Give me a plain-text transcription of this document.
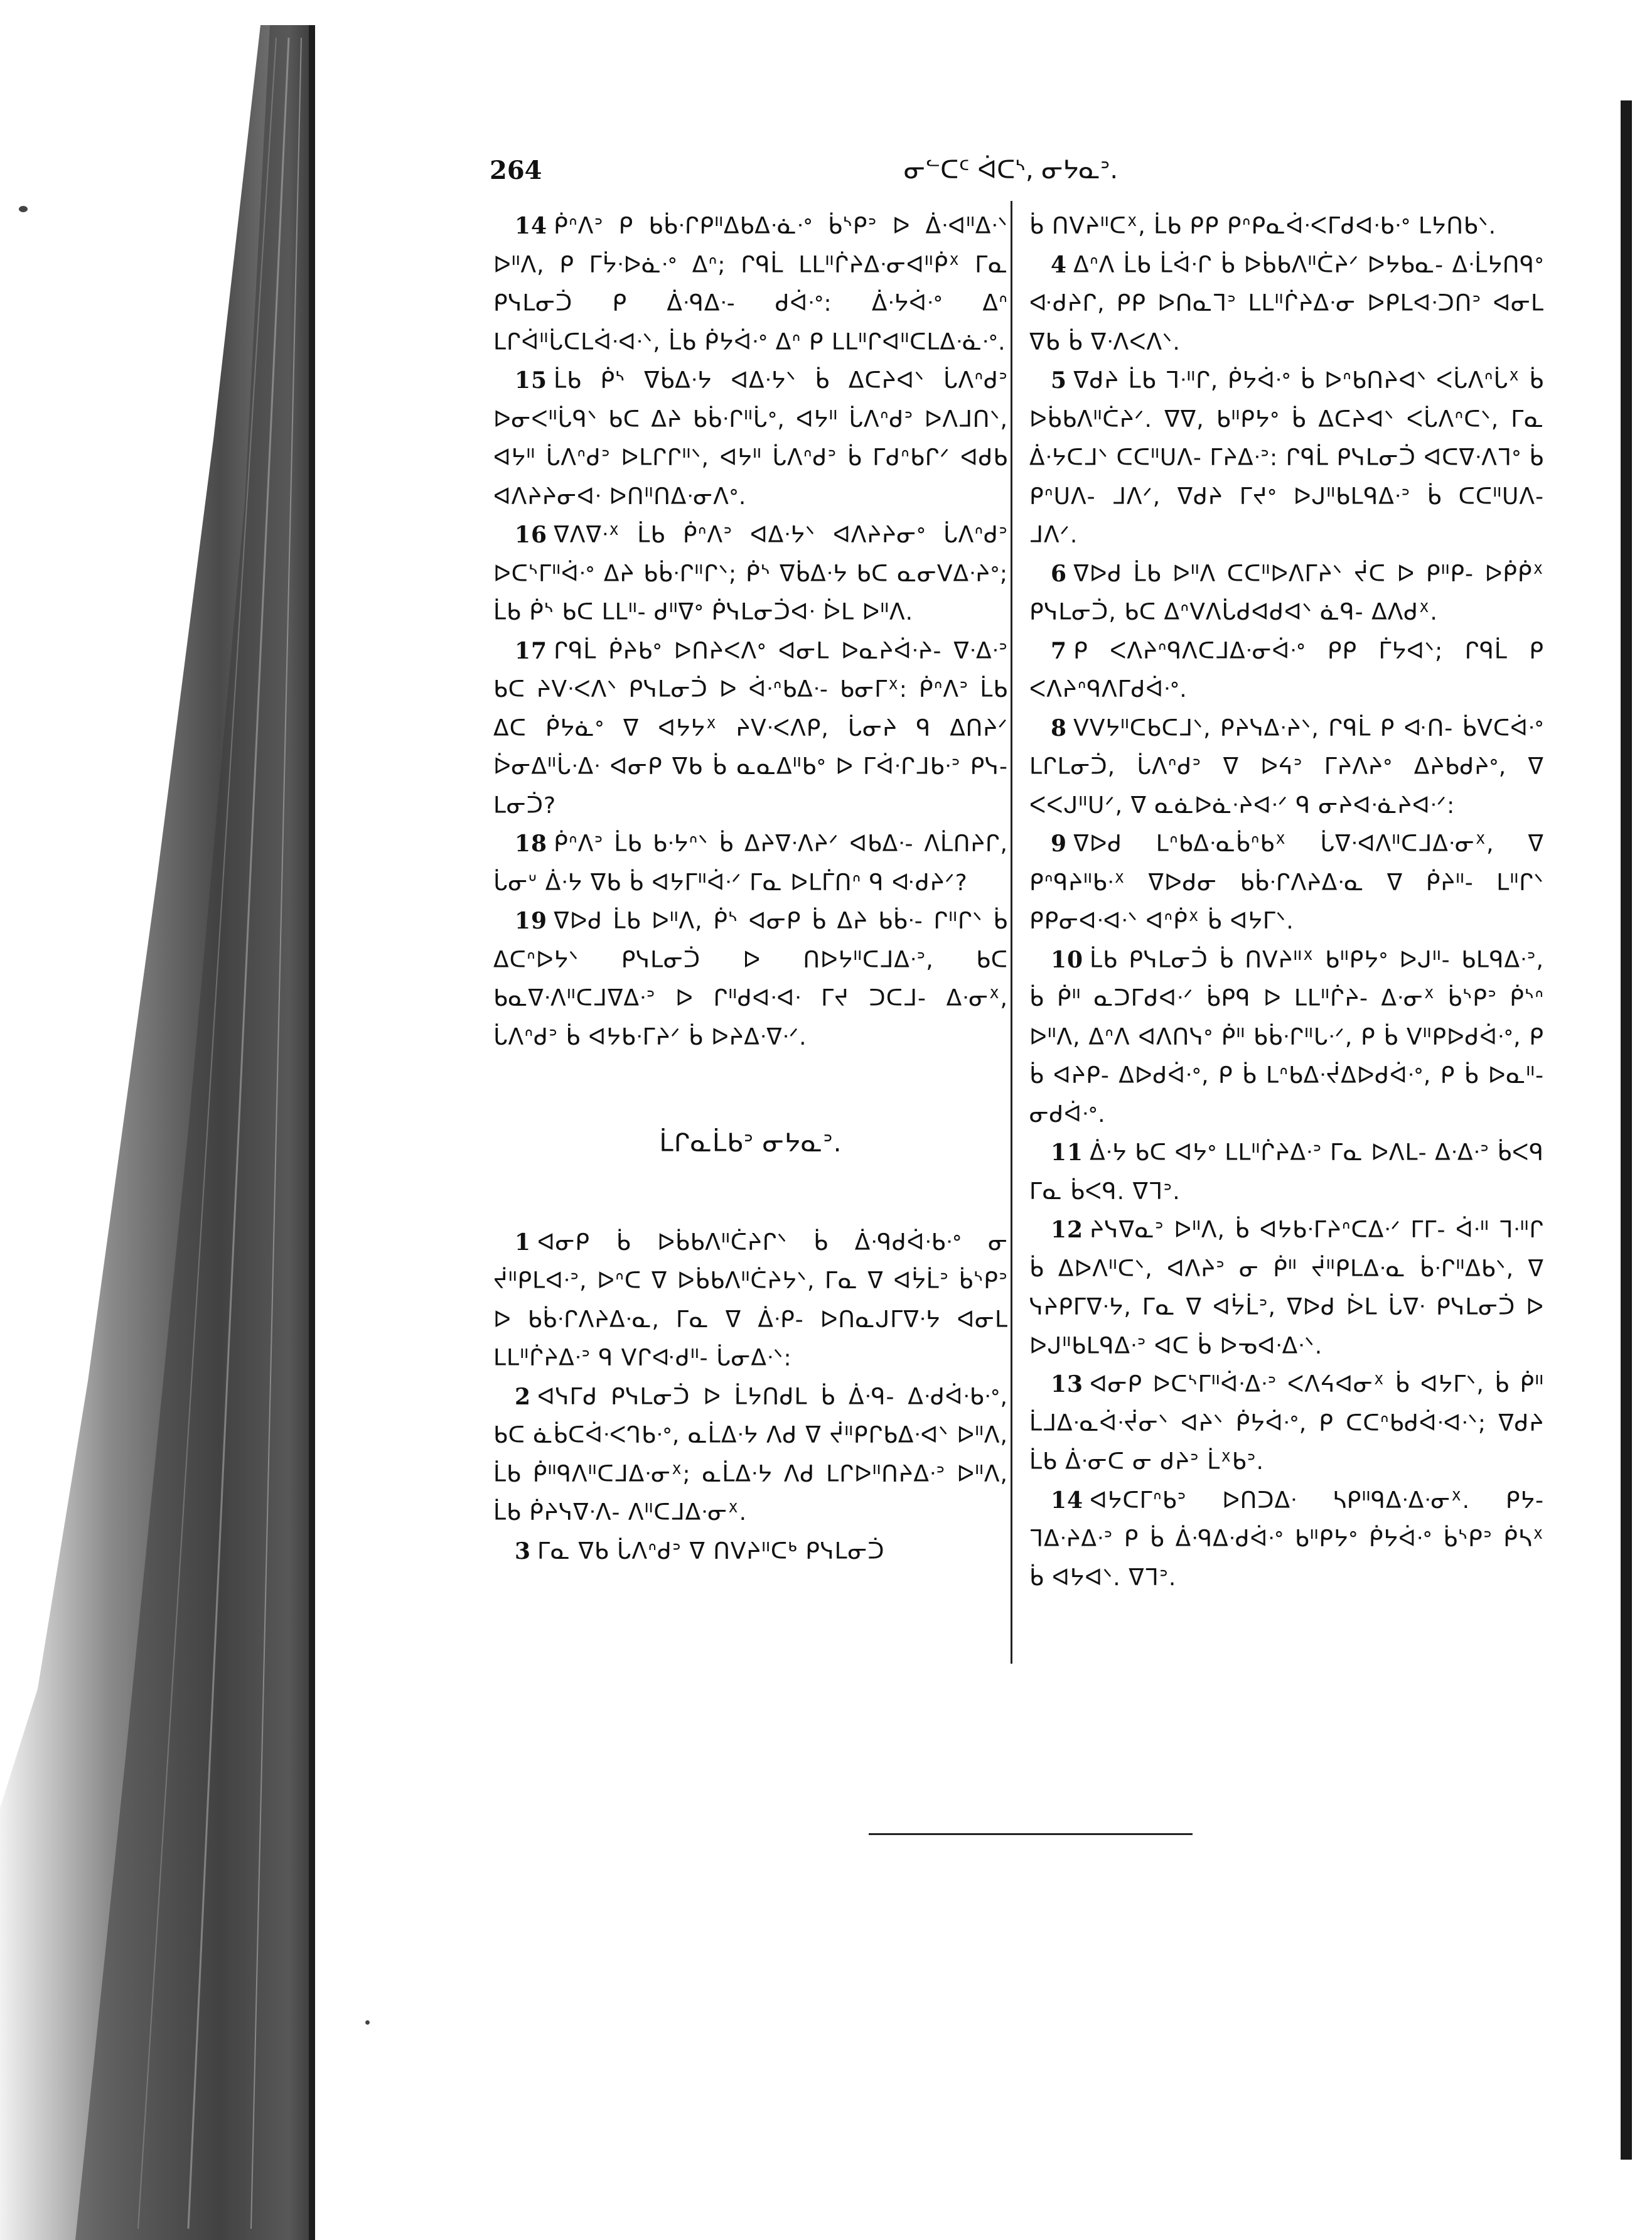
264	ᓂᓪᑕᑦ ᐋᑕᔅ, ᓂᔭᓇᐣ.

14 ᑮᐢᐱᐣ ᑭ ᑲᑳᐧᒋᑭᐦᐃᑲᐃᐧᓈᐧᐤ ᑳᔅᑭᐣ ᐅ ᐄᐧᐊᐦᐃᐧᐠ ᐅᐦᐱ, ᑭ ᒥᔮᐧᐅᓈᐧᐤ ᐃᐢ; ᒋᑫᒫ ᒪᒪᐦᒌᔨᐃᐧᓂᐊᐦᑮᕽ ᒥᓇ ᑭᓭᒪᓂᑑ ᑭ ᐄᐧᑫᐃᐧ- ᑯᐋᐧᐤ: ᐄᐧᔭᐋᐧᐤ ᐃᐢ ᒪᒋᐋᐦᒑᑕᒪᐋᐧᐊᐧᐠ, ᒫᑲ ᑮᔭᐋᐧᐤ ᐃᐢ ᑭ ᒪᒪᐦᒋᐊᐦᑕᒪᐃᐧᓈᐧᐤ.

15 ᒫᑲ ᑮᔅ ᐁᑳᐃᐧᔭ ᐊᐃᐧᔭᐠ ᑳ ᐃᑕᔨᐊᐠ ᒑᐱᐢᑯᐣ ᐅᓂᐸᐦᒑᑫᐠ ᑲᑕ ᐃᔨ ᑲᑳᐧᒋᐦᒑᐤ, ᐊᔭᐦ ᒑᐱᐢᑯᐣ ᐅᐱᒧᑎᐠ, ᐊᔭᐦ ᒑᐱᐢᑯᐣ ᐅᒪᒋᒋᐦᐠ, ᐊᔭᐦ ᒑᐱᐢᑯᐣ ᑳ ᒥᑯᐢᑲᒋᐟ ᐊᑯᑲ ᐊᐱᔨᔨᓂᐊᐧ ᐅᑎᐦᑎᐃᐧᓂᐱᐤ.

16 ᐁᐱᐁᐧᕽ ᒫᑲ ᑮᐢᐱᐣ ᐊᐃᐧᔭᐠ ᐊᐱᔨᔨᓂᐤ ᒑᐱᐢᑯᐣ ᐅᑕᔅᒥᐦᐋᐧᐤ ᐃᔨ ᑲᑳᐧᒋᐦᒋᐠ; ᑮᔅ ᐁᑳᐃᐧᔭ ᑲᑕ ᓇᓂᐯᐃᐧᔨᐤ; ᒫᑲ ᑮᔅ ᑲᑕ ᒪᒪᐦ- ᑯᐦᐁᐤ ᑮᓭᒪᓂᑑᐊᐧ ᐆᒪ ᐅᐦᐱ.

17 ᒋᑫᒫ ᑮᔨᑲᐤ ᐅᑎᔨᐸᐱᐤ ᐊᓂᒪ ᐅᓇᔨᐋᐧᔨ- ᐁᐧᐃᐧᐣ ᑲᑕ ᔨᐯᐧᐸᐱᐠ ᑭᓭᒪᓂᑑ ᐅ ᐋᐧᐢᑲᐃᐧ- ᑲᓂᒥᕽ: ᑮᐢᐱᐣ ᒫᑲ ᐃᑕ ᑮᔭᓈᐤ ᐁ ᐊᔭᔭᕽ ᔨᐯᐧᐸᐱᑭ, ᒑᓂᔨ ᑫ ᐃᑎᔨᐟ ᐆᓂᐃᐦᒑᐧᐃᐧ ᐊᓂᑭ ᐁᑲ ᑳ ᓇᓇᐃᐦᑲᐤ ᐅ ᒥᐋᐧᒋᒧᑲᐧᐣ ᑭᓭ- ᒪᓂᑑ?

18 ᑮᐢᐱᐣ ᒫᑲ ᑲᐧᔭᐢᐠ ᑳ ᐃᔨᐁᐧᐱᔨᐟ ᐊᑲᐃᐧ- ᐱᒫᑎᔨᒋ, ᒑᓂᐡ ᐄᐧᔭ ᐁᑲ ᑳ ᐊᔭᒥᐦᐋᐧᐟ ᒥᓇ ᐅᒪᒦᑎᐢ ᑫ ᐘᑯᔨᐟ?

19 ᐁᐅᑯ ᒫᑲ ᐅᐦᐱ, ᑮᔅ ᐊᓂᑭ ᑳ ᐃᔨ ᑲᑳᐧ- ᒋᐦᒋᐠ ᑳ ᐃᑕᐢᐅᔭᐠ ᑭᓭᒪᓂᑑ ᐅ ᑎᐅᔭᐦᑕᒧᐃᐧᐣ, ᑲᑕ ᑲᓇᐁᐧᐱᐦᑕᒧᐁᐃᐧᐣ ᐅ ᒋᐦᑯᐊᐧᐊᐧ ᒥᔪ ᑐᑕᒧ- ᐃᐧᓂᕽ, ᒑᐱᐢᑯᐣ ᑳ ᐊᔭᑲᐧᒥᔨᐟ ᑳ ᐅᔨᐃᐧᐁᐧᐟ.

ᒫᒋᓇᒫᑲᐣ ᓂᔭᓇᐣ.

1 ᐊᓂᑭ ᑳ ᐅᑳᑲᐱᐦᑖᔨᒋᐠ ᑳ ᐄᐧᑫᑯᐋᐧᑲᐧᐤ ᓂ ᔫᐦᑭᒪᐊᐧᐣ, ᐅᐢᑕ ᐁ ᐅᑳᑲᐱᐦᑖᔨᔭᐠ, ᒥᓇ ᐁ ᐊᔮᒫᐣ ᑳᔅᑭᐣ ᐅ ᑲᑳᐧᒋᐱᔨᐃᐧᓇ, ᒥᓇ ᐁ ᐄᐧᑭ- ᐅᑎᓇᒍᒥᐁᐧᔭ ᐊᓂᒪ ᒪᒪᐦᒌᔨᐃᐧᐣ ᑫ ᐯᒋᐘᑯᐦ- ᒑᓂᐃᐧᐠ:

2 ᐊᓭᒥᑯ ᑭᓭᒪᓂᑑ ᐅ ᒫᔭᑎᑯᒪ ᑳ ᐄᐧᑫ- ᐃᐧᑯᐋᐧᑲᐧᐤ, ᑲᑕ ᓈᑳᑕᐋᐧᐸᒉᑲᐧᐤ, ᓇᒫᐃᐧᔭ ᐱᑯ ᐁ ᔫᐦᑭᒋᑲᐃᐧᐊᐠ ᐅᐦᐱ, ᒫᑲ ᑮᐦᑫᐱᐦᑕᒧᐃᐧᓂᕽ; ᓇᒫᐃᐧᔭ ᐱᑯ ᒪᒋᐅᐦᑎᔨᐃᐧᐣ ᐅᐦᐱ, ᒫᑲ ᑮᔨᓭᐁᐧᐱ- ᐱᐦᑕᒧᐃᐧᓂᕽ.

3 ᒥᓇ ᐁᑲ ᒑᐱᐢᑯᐣ ᐁ ᑎᐯᔨᐦᑕᒃ ᑭᓭᒪᓂᑑ

ᑳ ᑎᐯᔨᐦᑕᕽ, ᒫᑲ ᑭᑭ ᑭᐢᑭᓇᐋᐧᐸᒥᑯᐊᐧᑲᐧᐤ ᒪᔭᑎᑲᐠ.

4 ᐃᐢᐱ ᒫᑲ ᒫᐋᐧᒋ ᑳ ᐅᑳᑲᐱᐦᑖᔨᐟ ᐅᔭᑲᓇ- ᐃᐧᒫᔭᑎᑫᐤ ᐘᑯᔨᒋ, ᑭᑭ ᐅᑎᓇᒣᐣ ᒪᒪᐦᒌᔨᐃᐧᓂ ᐅᑭᒪᐊᐧᑐᑎᐣ ᐊᓂᒪ ᐁᑲ ᑳ ᐁᐧᐱᐸᐱᐠ.

5 ᐁᑯᔨ ᒫᑲ ᒣᐧᐦᒋ, ᑮᔭᐋᐧᐤ ᑳ ᐅᐢᑲᑎᔨᐊᐠ ᐸᒑᐱᐢᒑᕽ ᑳ ᐅᑳᑲᐱᐦᑖᔨᐟ. ᐁᐁ, ᑲᐦᑭᔭᐤ ᑳ ᐃᑕᔨᐊᐠ ᐸᒑᐱᐢᑕᐠ, ᒥᓇ ᐄᐧᔭᑕᒧᐠ ᑕᑕᐦᑌᐱ- ᒥᔨᐃᐧᐣ: ᒋᑫᒫ ᑭᓭᒪᓂᑑ ᐊᑕᐁᐧᐱᒣᐤ ᑳ ᑭᐢᑌᐱ- ᒧᐱᐟ, ᐁᑯᔨ ᒥᔪᐤ ᐅᒍᐦᑲᒪᑫᐃᐧᐣ ᑳ ᑕᑕᐦᑌᐱ- ᒧᐱᐟ.

6 ᐁᐅᑯ ᒫᑲ ᐅᐦᐱ ᑕᑕᐦᐅᐱᒥᔨᐠ ᔫᑕ ᐅ ᑭᐦᑭ- ᐅᑮᑮᕽ ᑭᓭᒪᓂᑑ, ᑲᑕ ᐃᐢᐯᐱᒑᑯᐊᑯᐊᐠ ᓈᑫ- ᐃᐱᑯᕽ.

7 ᑭ ᐸᐱᔨᐢᑫᐱᑕᒧᐃᐧᓂᐋᐧᐤ ᑭᑭ ᒦᔭᐊᐠ; ᒋᑫᒫ ᑭ ᐸᐱᔨᐢᑫᐱᒥᑯᐋᐧᐤ.

8 ᐯᐯᔭᐦᑕᑲᑕᒧᐠ, ᑭᔨᓭᐃᐧᔨᐠ, ᒋᑫᒫ ᑭ ᐘᑎ- ᑳᐯᑕᐋᐧᐤ ᒪᒋᒪᓂᑑ, ᒑᐱᐢᑯᐣ ᐁ ᐅᔦᐣ ᒥᔨᐱᔨᐤ ᐃᔨᑲᑯᔨᐤ, ᐁ ᐸᐸᒍᐦᑌᐟ, ᐁ ᓇᓈᐅᓈᐧᔨᐊᐧᐟ ᑫ ᓂᔨᐊᐧᓈᔨᐊᐧᐟ:

9 ᐁᐅᑯ ᒪᐢᑲᐃᐧᓇᑳᐢᑲᕽ ᒑᐁᐧᐊᐱᐦᑕᒧᐃᐧᓂᕽ, ᐁ ᑭᐢᑫᔨᐦᑲᐧᕽ ᐁᐅᑯᓂ ᑲᑳᐧᒋᐱᔨᐃᐧᓇ ᐁ ᑮᔨᐦ- ᒪᐦᒋᐠ ᑭᑭᓂᐊᐧᐊᐧᐠ ᐊᐢᑮᕽ ᑳ ᐊᔭᒥᐠ.

10 ᒫᑲ ᑭᓭᒪᓂᑑ ᑳ ᑎᐯᔨᐦᕽ ᑲᐦᑭᔭᐤ ᐅᒍᐦ- ᑲᒪᑫᐃᐧᐣ, ᑳ ᑮᐦ ᓇᑐᒥᑯᐊᐧᐟ ᑳᑭᑫ ᐅ ᒪᒪᐦᒌᔨ- ᐃᐧᓂᕽ ᑳᔅᑭᐣ ᑮᔅᐢ ᐅᐦᐱ, ᐃᐢᐱ ᐊᐱᑎᓭᐤ ᑮᐦ ᑲᑳᐧᒋᐦᒐᐧᐟ, ᑭ ᑳ ᐯᐦᑭᐅᑯᐋᐧᐤ, ᑭ ᑳ ᐊᔨᑭ- ᐃᐅᑯᐋᐧᐤ, ᑭ ᑳ ᒪᐢᑲᐃᐧᔫᐃᐅᑯᐋᐧᐤ, ᑭ ᑳ ᐅᓇᐦ- ᓂᑯᐋᐧᐤ.

11 ᐄᐧᔭ ᑲᑕ ᐊᔭᐤ ᒪᒪᐦᒌᔨᐃᐧᐣ ᒥᓇ ᐅᐱᒪ- ᐃᐧᐃᐧᐣ ᑳᐸᑫ ᒥᓇ ᑳᐸᑫ. ᐁᒣᐣ.

12 ᔨᓭᐁᓇᐣ ᐅᐦᐱ, ᑳ ᐊᔭᑲᐧᒥᔨᐢᑕᐃᐧᐟ ᒥᒥ- ᐋᐧᐦ ᒣᐧᐦᒋ ᑳ ᐃᐅᐱᐦᑕᐠ, ᐊᐱᔨᐣ ᓂ ᑮᐦ ᔫᐦᑭᒪᐃᐧᓇ ᑳᐧᒋᐦᐃᑲᐠ, ᐁ ᓭᔨᑭᒥᐁᐧᔭ, ᒥᓇ ᐁ ᐊᔮᒫᐣ, ᐁᐅᑯ ᐆᒪ ᒑᐁᐧ ᑭᓭᒪᓂᑑ ᐅ ᐅᒍᐦᑲᒪᑫᐃᐧᐣ ᐊᑕ ᑳ ᐅᓀᐊᐧᐃᐧᐠ.

13 ᐊᓂᑭ ᐅᑕᔅᒥᐦᐋᐧᐃᐧᐣ ᐸᐱᔦᐊᓂᕽ ᑳ ᐊᔭᒥᐠ, ᑳ ᑮᐦ ᒫᒧᐃᐧᓇᐋᐧᔫᓂᐠ ᐊᔨᐠ ᑮᔭᐋᐧᐤ, ᑭ ᑕᑕᐢᑲᑯᐋᐧᐊᐧᐠ; ᐁᑯᔨ ᒫᑲ ᐄᐧᓂᑕ ᓂ ᑯᔨᐣ ᒫᕽᑲᐣ.

14 ᐊᔭᑕᒥᐢᑲᐣ ᐅᑎᑐᐃᐧ ᓴᑭᐦᑫᐃᐧᐃᐧᓂᕽ. ᑭᔭ- ᒣᐃᐧᔨᐃᐧᐣ ᑭ ᑳ ᐄᐧᑫᐃᐧᑯᐋᐧᐤ ᑲᐦᑭᔭᐤ ᑮᔭᐋᐧᐤ ᑳᔅᑭᐣ ᑮᓴᕽ ᑳ ᐊᔭᐊᐠ. ᐁᒣᐣ.
